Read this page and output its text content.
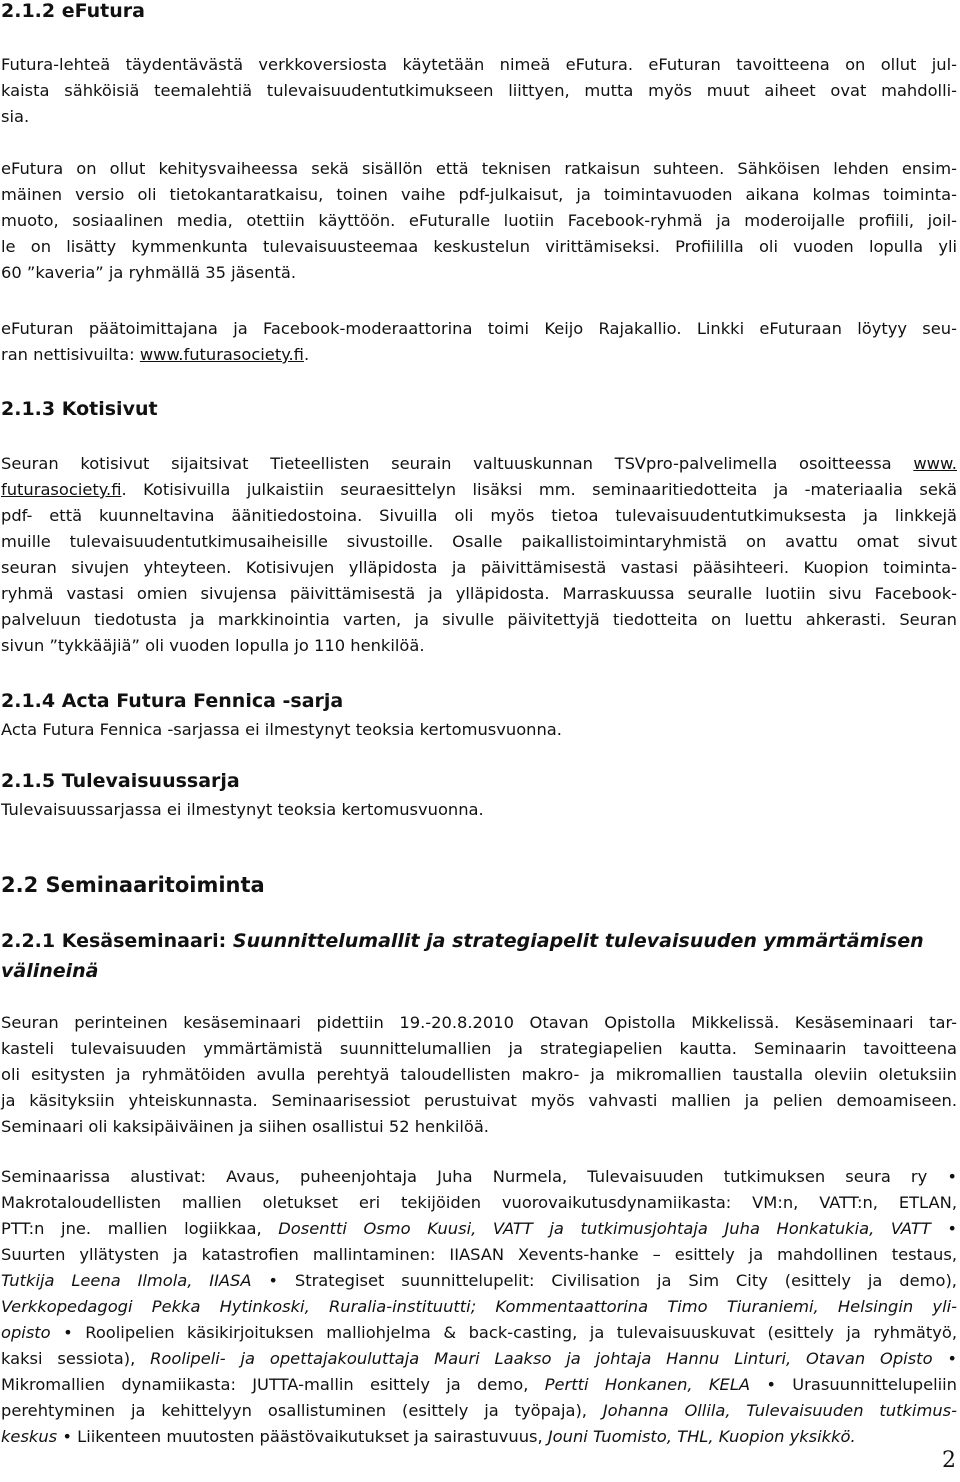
2.1.2 eFutura

Futura-lehteä täydentävästä verkkoversiosta käytetään nimeä eFutura. eFuturan tavoitteena on ollut jul-
kaista sähköisiä teemalehtiä tulevaisuudentutkimukseen liittyen, mutta myös muut aiheet ovat mahdolli-
sia.

eFutura on ollut kehitysvaiheessa sekä sisällön että teknisen ratkaisun suhteen. Sähköisen lehden ensim-
mäinen versio oli tietokantaratkaisu, toinen vaihe pdf-julkaisut, ja toimintavuoden aikana kolmas toiminta-
muoto, sosiaalinen media, otettiin käyttöön. eFuturalle luotiin Facebook-ryhmä ja moderoijalle profiili, joil-
le on lisätty kymmenkunta tulevaisuusteemaa keskustelun virittämiseksi. Profiililla oli vuoden lopulla yli
60 ”kaveria” ja ryhmällä 35 jäsentä.

eFuturan päätoimittajana ja Facebook-moderaattorina toimi Keijo Rajakallio. Linkki eFuturaan löytyy seu-
ran nettisivuilta: www.futurasociety.fi.

2.1.3 Kotisivut

Seuran kotisivut sijaitsivat Tieteellisten seurain valtuuskunnan TSVpro-palvelimella osoitteessa www.
futurasociety.fi. Kotisivuilla julkaistiin seuraesittelyn lisäksi mm. seminaaritiedotteita ja -materiaalia sekä
pdf- että kuunneltavina äänitiedostoina. Sivuilla oli myös tietoa tulevaisuudentutkimuksesta ja linkkejä
muille tulevaisuudentutkimusaiheisille sivustoille. Osalle paikallistoimintaryhmistä on avattu omat sivut
seuran sivujen yhteyteen. Kotisivujen ylläpidosta ja päivittämisestä vastasi pääsihteeri. Kuopion toiminta-
ryhmä vastasi omien sivujensa päivittämisestä ja ylläpidosta. Marraskuussa seuralle luotiin sivu Facebook-
palveluun tiedotusta ja markkinointia varten, ja sivulle päivitettyjä tiedotteita on luettu ahkerasti. Seuran
sivun ”tykkääjiä” oli vuoden lopulla jo 110 henkilöä.

2.1.4 Acta Futura Fennica -sarja

Acta Futura Fennica -sarjassa ei ilmestynyt teoksia kertomusvuonna.

2.1.5 Tulevaisuussarja

Tulevaisuussarjassa ei ilmestynyt teoksia kertomusvuonna.

2.2 Seminaaritoiminta
2.2.1 Kesäseminaari: Suunnittelumallit ja strategiapelit tulevaisuuden ymmärtämisen
välineinä

Seuran perinteinen kesäseminaari pidettiin 19.-20.8.2010 Otavan Opistolla Mikkelissä. Kesäseminaari tar-
kasteli tulevaisuuden ymmärtämistä suunnittelumallien ja strategiapelien kautta. Seminaarin tavoitteena
oli esitysten ja ryhmätöiden avulla perehtyä taloudellisten makro- ja mikromallien taustalla oleviin oletuksiin
ja käsityksiin yhteiskunnasta. Seminaarisessiot perustuivat myös vahvasti mallien ja pelien demoamiseen.
Seminaari oli kaksipäiväinen ja siihen osallistui 52 henkilöä.

Seminaarissa alustivat: Avaus, puheenjohtaja Juha Nurmela, Tulevaisuuden tutkimuksen seura ry •
Makrotaloudellisten mallien oletukset eri tekijöiden vuorovaikutusdynamiikasta: VM:n, VATT:n, ETLAN,
PTT:n jne. mallien logiikkaa, Dosentti Osmo Kuusi, VATT ja tutkimusjohtaja Juha Honkatukia, VATT •
Suurten yllätysten ja katastrofien mallintaminen: IIASAN Xevents-hanke – esittely ja mahdollinen testaus,
Tutkija Leena Ilmola, IIASA • Strategiset suunnittelupelit: Civilisation ja Sim City (esittely ja demo),
Verkkopedagogi Pekka Hytinkoski, Ruralia-instituutti; Kommentaattorina Timo Tiuraniemi, Helsingin yli-
opisto • Roolipelien käsikirjoituksen malliohjelma & back-casting, ja tulevaisuuskuvat (esittely ja ryhmätyö,
kaksi sessiota), Roolipeli- ja opettajakouluttaja Mauri Laakso ja johtaja Hannu Linturi, Otavan Opisto •
Mikromallien dynamiikasta: JUTTA-mallin esittely ja demo, Pertti Honkanen, KELA • Urasuunnittelupeliin
perehtyminen ja kehittelyyn osallistuminen (esittely ja työpaja), Johanna Ollila, Tulevaisuuden tutkimus-
keskus • Liikenteen muutosten päästövaikutukset ja sairastuvuus, Jouni Tuomisto, THL, Kuopion yksikkö.

2
